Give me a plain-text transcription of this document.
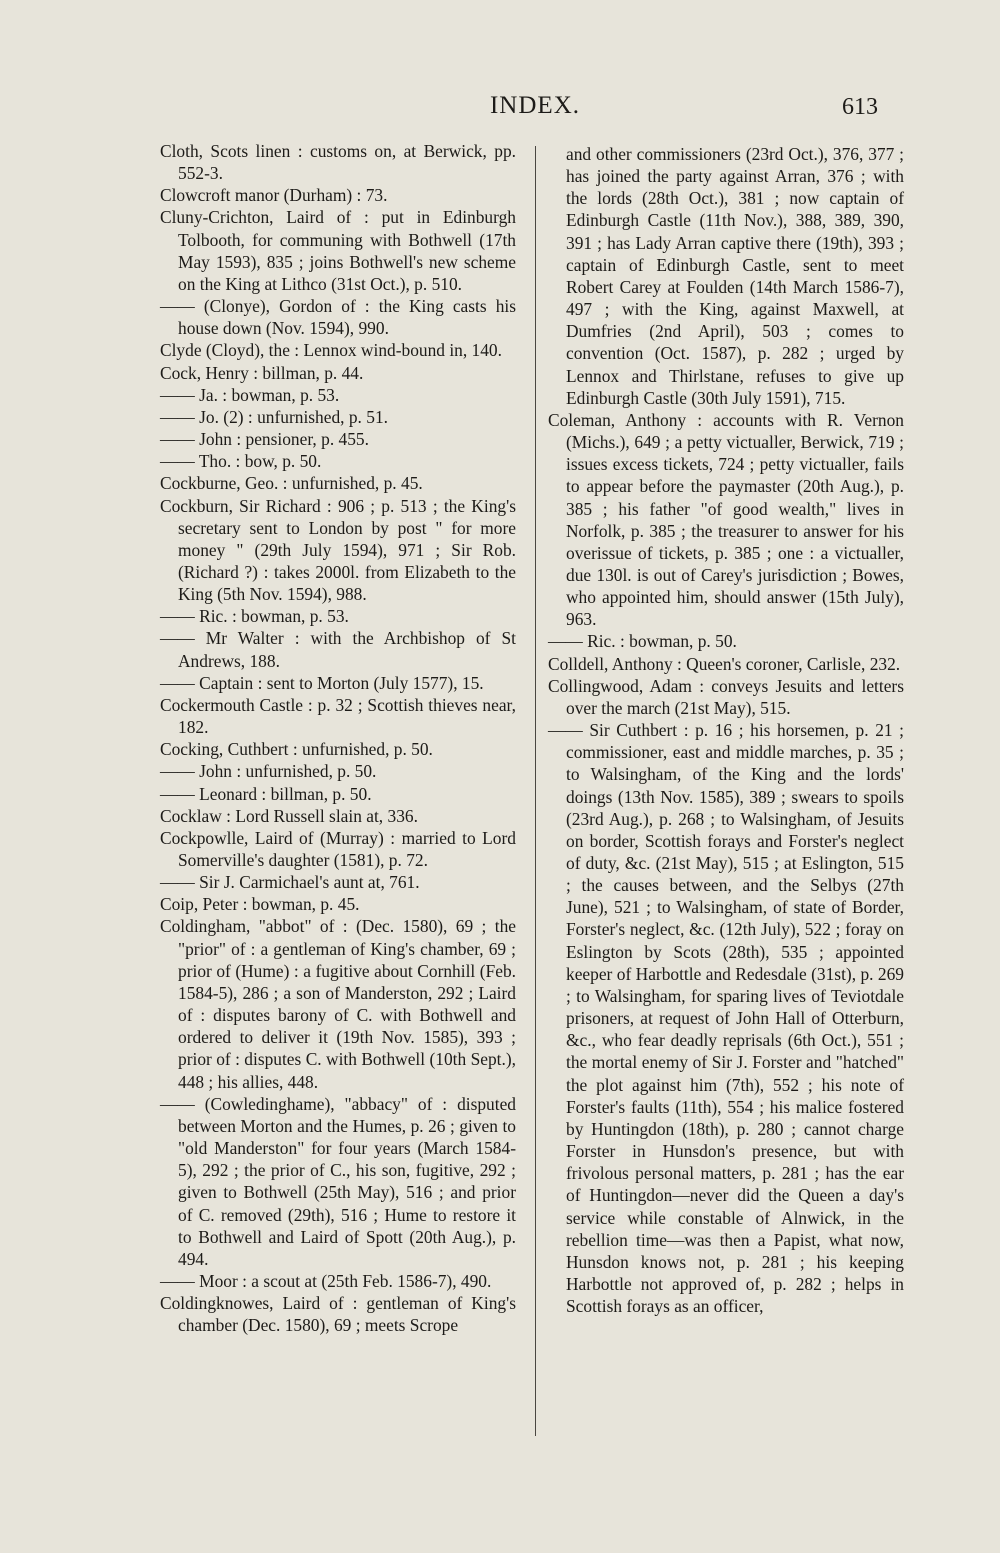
INDEX.	613

Cloth, Scots linen : customs on, at Berwick, pp. 552-3.

Clowcroft manor (Durham) : 73.

Cluny-Crichton, Laird of : put in Edinburgh Tolbooth, for communing with Bothwell (17th May 1593), 835 ; joins Bothwell's new scheme on the King at Lithco (31st Oct.), p. 510.

—— (Clonye), Gordon of : the King casts his house down (Nov. 1594), 990.

Clyde (Cloyd), the : Lennox wind-bound in, 140.

Cock, Henry : billman, p. 44.

—— Ja. : bowman, p. 53.

—— Jo. (2) : unfurnished, p. 51.

—— John : pensioner, p. 455.

—— Tho. : bow, p. 50.

Cockburne, Geo. : unfurnished, p. 45.

Cockburn, Sir Richard : 906 ; p. 513 ; the King's secretary sent to London by post " for more money " (29th July 1594), 971 ; Sir Rob. (Richard ?) : takes 2000l. from Elizabeth to the King (5th Nov. 1594), 988.

—— Ric. : bowman, p. 53.

—— Mr Walter : with the Archbishop of St Andrews, 188.

—— Captain : sent to Morton (July 1577), 15.

Cockermouth Castle : p. 32 ; Scottish thieves near, 182.

Cocking, Cuthbert : unfurnished, p. 50.

—— John : unfurnished, p. 50.

—— Leonard : billman, p. 50.

Cocklaw : Lord Russell slain at, 336.

Cockpowlle, Laird of (Murray) : married to Lord Somerville's daughter (1581), p. 72.

—— Sir J. Carmichael's aunt at, 761.

Coip, Peter : bowman, p. 45.

Coldingham, "abbot" of : (Dec. 1580), 69 ; the "prior" of : a gentleman of King's chamber, 69 ; prior of (Hume) : a fugitive about Cornhill (Feb. 1584-5), 286 ; a son of Manderston, 292 ; Laird of : disputes barony of C. with Bothwell and ordered to deliver it (19th Nov. 1585), 393 ; prior of : disputes C. with Bothwell (10th Sept.), 448 ; his allies, 448.

—— (Cowledinghame), "abbacy" of : disputed between Morton and the Humes, p. 26 ; given to "old Manderston" for four years (March 1584-5), 292 ; the prior of C., his son, fugitive, 292 ; given to Bothwell (25th May), 516 ; and prior of C. removed (29th), 516 ; Hume to restore it to Bothwell and Laird of Spott (20th Aug.), p. 494.

—— Moor : a scout at (25th Feb. 1586-7), 490.

Coldingknowes, Laird of : gentleman of King's chamber (Dec. 1580), 69 ; meets Scrope

and other commissioners (23rd Oct.), 376, 377 ; has joined the party against Arran, 376 ; with the lords (28th Oct.), 381 ; now captain of Edinburgh Castle (11th Nov.), 388, 389, 390, 391 ; has Lady Arran captive there (19th), 393 ; captain of Edinburgh Castle, sent to meet Robert Carey at Foulden (14th March 1586-7), 497 ; with the King, against Maxwell, at Dumfries (2nd April), 503 ; comes to convention (Oct. 1587), p. 282 ; urged by Lennox and Thirlstane, refuses to give up Edinburgh Castle (30th July 1591), 715.

Coleman, Anthony : accounts with R. Vernon (Michs.), 649 ; a petty victualler, Berwick, 719 ; issues excess tickets, 724 ; petty victualler, fails to appear before the paymaster (20th Aug.), p. 385 ; his father "of good wealth," lives in Norfolk, p. 385 ; the treasurer to answer for his overissue of tickets, p. 385 ; one : a victualler, due 130l. is out of Carey's jurisdiction ; Bowes, who appointed him, should answer (15th July), 963.

—— Ric. : bowman, p. 50.

Colldell, Anthony : Queen's coroner, Carlisle, 232.

Collingwood, Adam : conveys Jesuits and letters over the march (21st May), 515.

—— Sir Cuthbert : p. 16 ; his horsemen, p. 21 ; commissioner, east and middle marches, p. 35 ; to Walsingham, of the King and the lords' doings (13th Nov. 1585), 389 ; swears to spoils (23rd Aug.), p. 268 ; to Walsingham, of Jesuits on border, Scottish forays and Forster's neglect of duty, &c. (21st May), 515 ; at Eslington, 515 ; the causes between, and the Selbys (27th June), 521 ; to Walsingham, of state of Border, Forster's neglect, &c. (12th July), 522 ; foray on Eslington by Scots (28th), 535 ; appointed keeper of Harbottle and Redesdale (31st), p. 269 ; to Walsingham, for sparing lives of Teviotdale prisoners, at request of John Hall of Otterburn, &c., who fear deadly reprisals (6th Oct.), 551 ; the mortal enemy of Sir J. Forster and "hatched" the plot against him (7th), 552 ; his note of Forster's faults (11th), 554 ; his malice fostered by Huntingdon (18th), p. 280 ; cannot charge Forster in Hunsdon's presence, but with frivolous personal matters, p. 281 ; has the ear of Huntingdon—never did the Queen a day's service while constable of Alnwick, in the rebellion time—was then a Papist, what now, Hunsdon knows not, p. 281 ; his keeping Harbottle not approved of, p. 282 ; helps in Scottish forays as an officer,
